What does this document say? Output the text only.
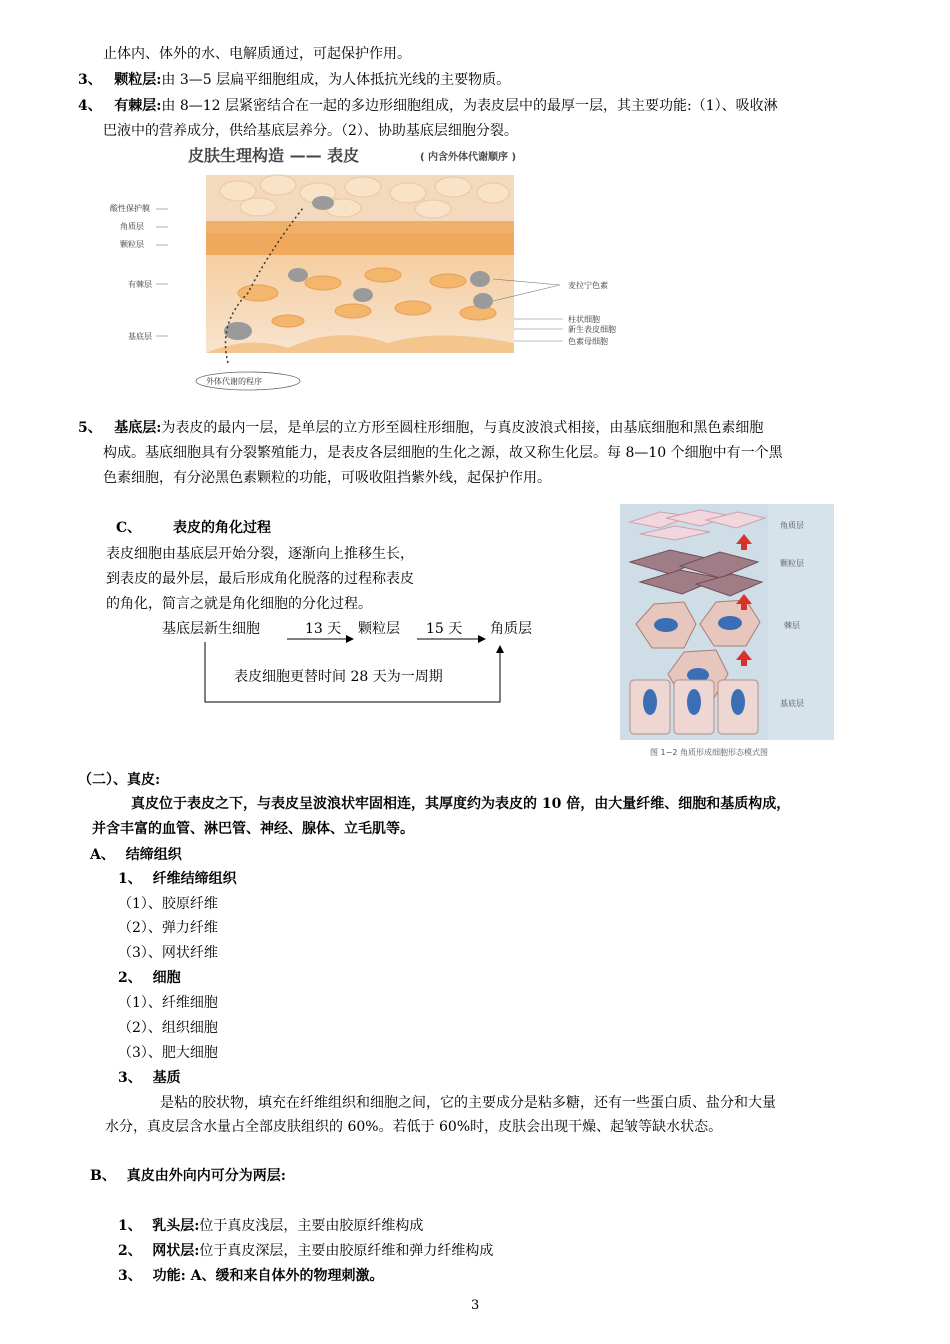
止体内、体外的水、电解质通过，可起保护作用。
3、 颗粒层:由 3—5 层扁平细胞组成，为人体抵抗光线的主要物质。
4、 有棘层:由 8—12 层紧密结合在一起的多边形细胞组成，为表皮层中的最厚一层，其主要功能:（1）、吸收淋
巴液中的营养成分，供给基底层养分。（2）、协助基底层细胞分裂。
皮肤生理构造 —— 表皮	( 内含外体代谢顺序 )
酸性保护膜
角质层
颗粒层
有棘层
基底层
麦拉宁色素
柱状细胞
新生表皮细胞
色素母细胞
外体代谢的程序
5、 基底层:为表皮的最内一层，是单层的立方形至圆柱形细胞，与真皮波浪式相接，由基底细胞和黑色素细胞
构成。基底细胞具有分裂繁殖能力，是表皮各层细胞的生化之源，故又称生化层。每 8—10 个细胞中有一个黑
色素细胞，有分泌黑色素颗粒的功能，可吸收阻挡紫外线，起保护作用。
C、 表皮的角化过程
表皮细胞由基底层开始分裂，逐渐向上推移生长，
到表皮的最外层，最后形成角化脱落的过程称表皮
的角化，简言之就是角化细胞的分化过程。
基底层新生细胞	13 天 颗粒层 15 天 角质层
表皮细胞更替时间 28 天为一周期
角质层
颗粒层
棘层
基底层
图 1−2 角质形成细胞形态模式图
（二）、真皮:
真皮位于表皮之下，与表皮呈波浪状牢固相连，其厚度约为表皮的 10 倍，由大量纤维、细胞和基质构成，
并含丰富的血管、淋巴管、神经、腺体、立毛肌等。
A、 结缔组织
1、 纤维结缔组织
（1）、胶原纤维
（2）、弹力纤维
（3）、网状纤维
2、 细胞
（1）、纤维细胞
（2）、组织细胞
（3）、肥大细胞
3、 基质
是粘的胶状物，填充在纤维组织和细胞之间，它的主要成分是粘多糖，还有一些蛋白质、盐分和大量
水分，真皮层含水量占全部皮肤组织的 60%。若低于 60%时，皮肤会出现干燥、起皱等缺水状态。
B、 真皮由外向内可分为两层:
1、 乳头层:位于真皮浅层，主要由胶原纤维构成
2、 网状层:位于真皮深层，主要由胶原纤维和弹力纤维构成
3、 功能: A、缓和来自体外的物理刺激。
3
